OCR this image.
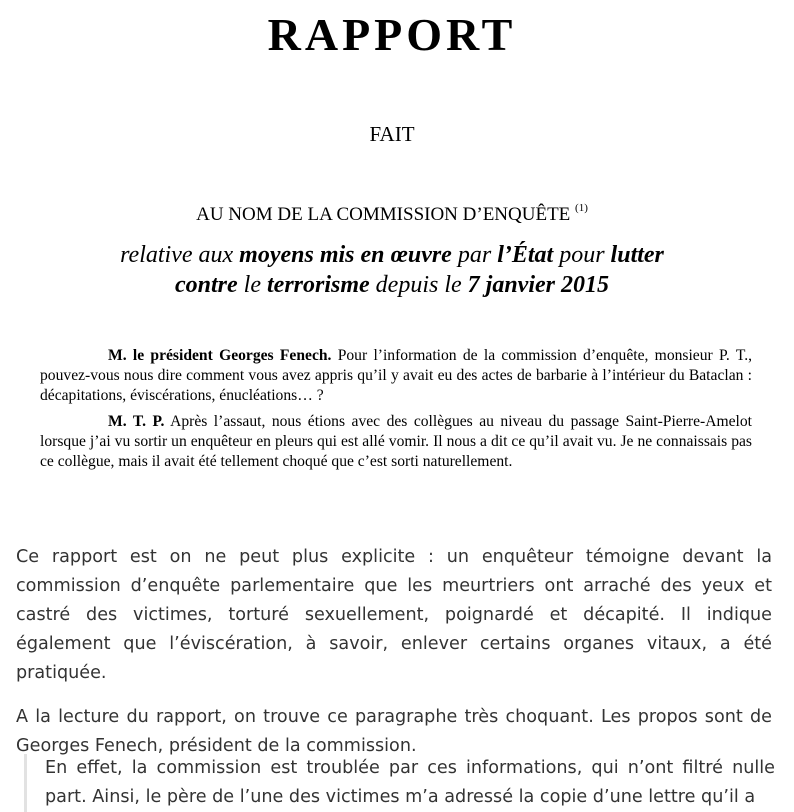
RAPPORT
FAIT
AU NOM DE LA COMMISSION D’ENQUÊTE $^{(1)}$
relative aux moyens mis en œuvre par l’État pour lutter
contre le terrorisme depuis le 7 janvier 2015

M. le président Georges Fenech. Pour l’information de la commission d’enquête, monsieur P. T., pouvez-vous nous dire comment vous avez appris qu’il y avait eu des actes de barbarie à l’intérieur du Bataclan : décapitations, éviscérations, énucléations… ?

M. T. P. Après l’assaut, nous étions avec des collègues au niveau du passage Saint-Pierre-Amelot lorsque j’ai vu sortir un enquêteur en pleurs qui est allé vomir. Il nous a dit ce qu’il avait vu. Je ne connaissais pas ce collègue, mais il avait été tellement choqué que c’est sorti naturellement.

Ce rapport est on ne peut plus explicite : un enquêteur témoigne devant la commission d’enquête parlementaire que les meurtriers ont arraché des yeux et castré des victimes, torturé sexuellement, poignardé et décapité. Il indique également que l’éviscération, à savoir, enlever certains organes vitaux, a été pratiquée.

A la lecture du rapport, on trouve ce paragraphe très choquant. Les propos sont de Georges Fenech, président de la commission.

En effet, la commission est troublée par ces informations, qui n’ont filtré nulle part. Ainsi, le père de l’une des victimes m’a adressé la copie d’une lettre qu’il a
